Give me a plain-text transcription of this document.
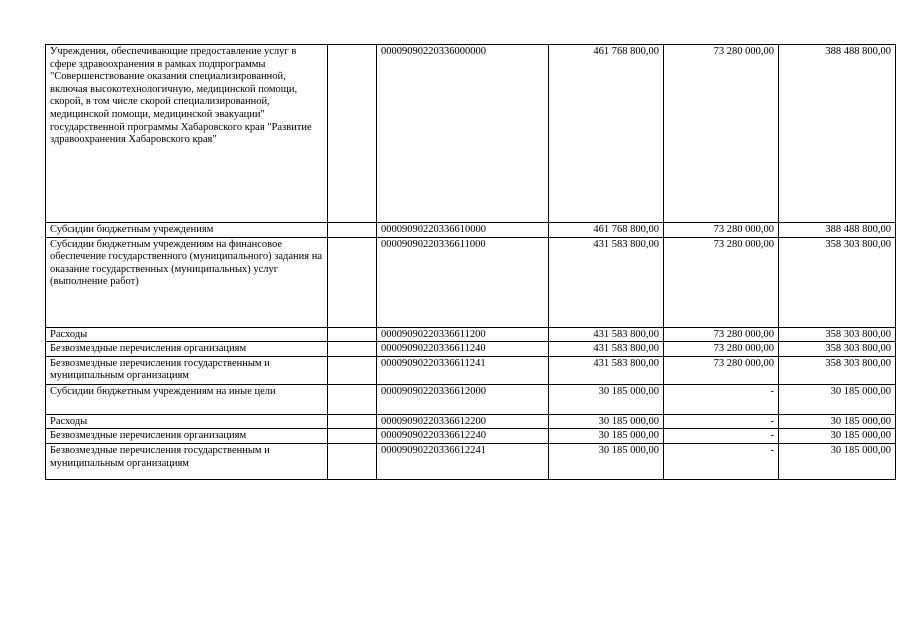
Учреждения, обеспечивающие предоставление услуг в сфере здравоохранения в рамках подпрограммы "Совершенствование оказания специализированной, включая высокотехнологичную, медицинской помощи, скорой, в том числе скорой специализированной, медицинской помощи, медицинской эвакуации" государственной программы Хабаровского края "Развитие здравоохранения Хабаровского края"		00009090220336000000	461 768 800,00	73 280 000,00	388 488 800,00
Субсидии бюджетным учреждениям		00009090220336610000	461 768 800,00	73 280 000,00	388 488 800,00
Субсидии бюджетным учреждениям на финансовое обеспечение государственного (муниципального) задания на оказание государственных (муниципальных) услуг (выполнение работ)		00009090220336611000	431 583 800,00	73 280 000,00	358 303 800,00
Расходы		00009090220336611200	431 583 800,00	73 280 000,00	358 303 800,00
Безвозмездные перечисления организациям		00009090220336611240	431 583 800,00	73 280 000,00	358 303 800,00
Безвозмездные перечисления государственным и муниципальным организациям		00009090220336611241	431 583 800,00	73 280 000,00	358 303 800,00
Субсидии бюджетным учреждениям на иные цели		00009090220336612000	30 185 000,00	-	30 185 000,00
Расходы		00009090220336612200	30 185 000,00	-	30 185 000,00
Безвозмездные перечисления организациям		00009090220336612240	30 185 000,00	-	30 185 000,00
Безвозмездные перечисления государственным и муниципальным организациям		00009090220336612241	30 185 000,00	-	30 185 000,00
